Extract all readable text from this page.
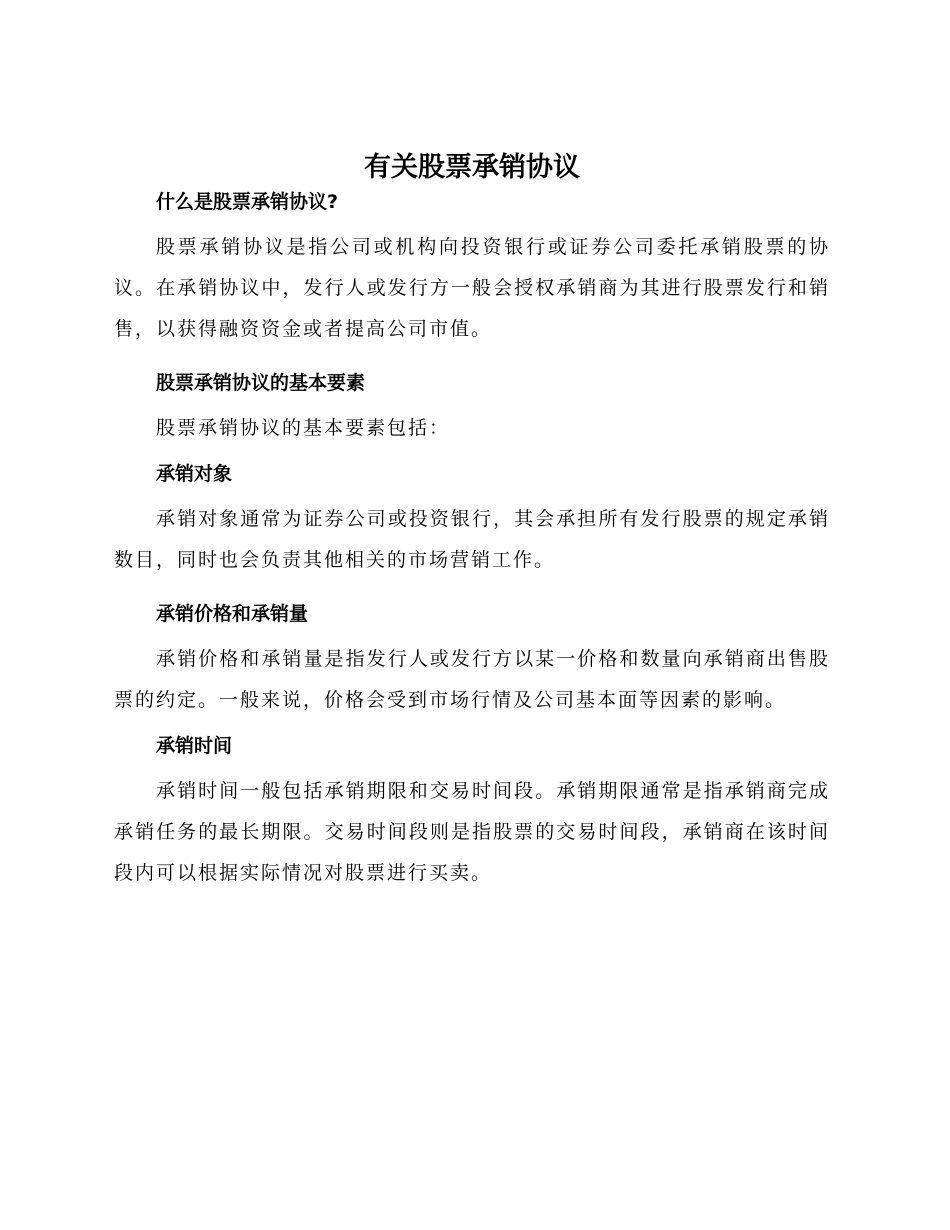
有关股票承销协议
什么是股票承销协议?

股票承销协议是指公司或机构向投资银行或证券公司委托承销股票的协议。在承销协议中，发行人或发行方一般会授权承销商为其进行股票发行和销售，以获得融资资金或者提高公司市值。

股票承销协议的基本要素

股票承销协议的基本要素包括：

承销对象

承销对象通常为证券公司或投资银行，其会承担所有发行股票的规定承销数目，同时也会负责其他相关的市场营销工作。

承销价格和承销量

承销价格和承销量是指发行人或发行方以某一价格和数量向承销商出售股票的约定。一般来说，价格会受到市场行情及公司基本面等因素的影响。

承销时间

承销时间一般包括承销期限和交易时间段。承销期限通常是指承销商完成承销任务的最长期限。交易时间段则是指股票的交易时间段，承销商在该时间段内可以根据实际情况对股票进行买卖。
